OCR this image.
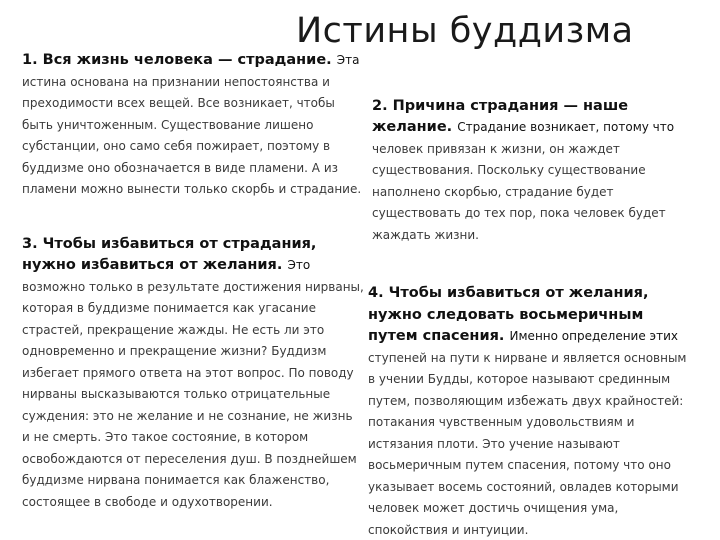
Истины буддизма
1. Вся жизнь человека — страдание. Эта истина основана на признании непостоянства и преходимости всех вещей. Все возникает, чтобы быть уничтоженным. Существование лишено субстанции, оно само себя пожирает, поэтому в буддизме оно обозначается в виде пламени. А из пламени можно вынести только скорбь и страдание.
2. Причина страдания — наше желание. Страдание возникает, потому что человек привязан к жизни, он жаждет существования. Поскольку существование наполнено скорбью, страдание будет существовать до тех пор, пока человек будет жаждать жизни.
3. Чтобы избавиться от страдания, нужно избавиться от желания. Это возможно только в результате достижения нирваны, которая в буддизме понимается как угасание страстей, прекращение жажды. Не есть ли это одновременно и прекращение жизни? Буддизм избегает прямого ответа на этот вопрос. По поводу нирваны высказываются только отрицательные суждения: это не желание и не сознание, не жизнь и не смерть. Это такое состояние, в котором освобождаются от переселения душ. В позднейшем буддизме нирвана понимается как блаженство, состоящее в свободе и одухотворении.
4. Чтобы избавиться от желания, нужно следовать восьмеричным путем спасения. Именно определение этих ступеней на пути к нирване и является основным в учении Будды, которое называют срединным путем, позволяющим избежать двух крайностей: потакания чувственным удовольствиям и истязания плоти. Это учение называют восьмеричным путем спасения, потому что оно указывает восемь состояний, овладев которыми человек может достичь очищения ума, спокойствия и интуиции.
